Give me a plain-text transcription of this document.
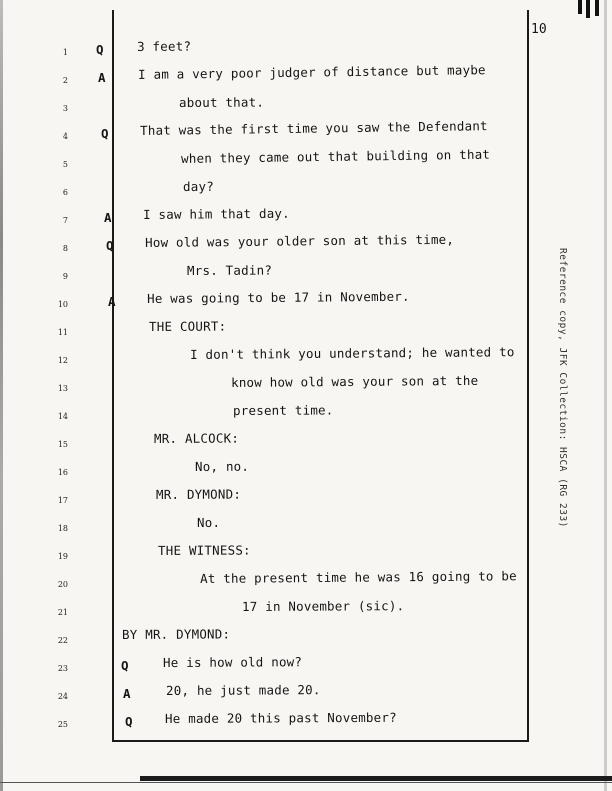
10
1 Q	3 feet?
2 A	I am a very poor judger of distance but maybe
3	about that.
4	Q	That was the first time you saw the Defendant
5	when they came out that building on that
6	day?
7	A	I saw him that day.
8	Q	How old was your older son at this time,
9	Mrs. Tadin?
10	A	He was going to be 17 in November.
11	THE COURT:
12	I don't think you understand; he wanted to
13	know how old was your son at the
14	present time.
15	MR. ALCOCK:
16	No, no.
17	MR. DYMOND:
18	No.
19	THE WITNESS:
20	At the present time he was 16 going to be
21	17 in November (sic).
22	BY MR. DYMOND:
23	Q	He is how old now?
24	A	20, he just made 20.
25	Q	He made 20 this past November?
Reference copy, JFK Collection: HSCA (RG 233)
